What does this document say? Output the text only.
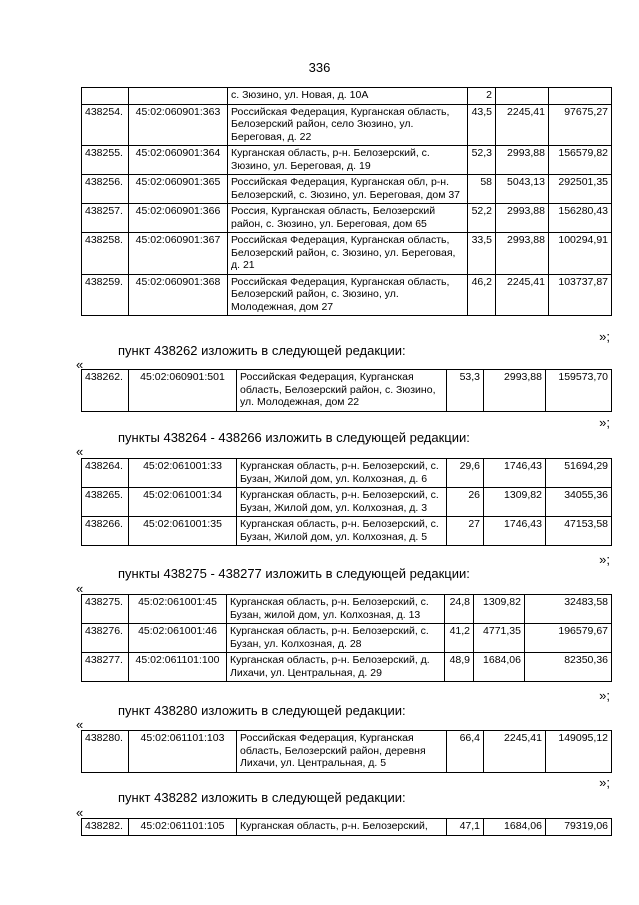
336
		с. Зюзино, ул. Новая, д. 10А	2		
438254.	45:02:060901:363	Российская Федерация, Курганская область, Белозерский район, село Зюзино, ул. Береговая, д. 22	43,5	2245,41	97675,27
438255.	45:02:060901:364	Курганская область, р-н. Белозерский, с. Зюзино, ул. Береговая, д. 19	52,3	2993,88	156579,82
438256.	45:02:060901:365	Российская Федерация, Курганская обл, р-н. Белозерский, с. Зюзино, ул. Береговая, дом 37	58	5043,13	292501,35
438257.	45:02:060901:366	Россия, Курганская область, Белозерский район, с. Зюзино, ул. Береговая, дом 65	52,2	2993,88	156280,43
438258.	45:02:060901:367	Российская Федерация, Курганская область, Белозерский район, с. Зюзино, ул. Береговая, д. 21	33,5	2993,88	100294,91
438259.	45:02:060901:368	Российская Федерация, Курганская область, Белозерский район, с. Зюзино, ул. Молодежная, дом 27	46,2	2245,41	103737,87
»;
пункт 438262 изложить в следующей редакции:
«
438262.	45:02:060901:501	Российская Федерация, Курганская область, Белозерский район, с. Зюзино, ул. Молодежная, дом 22	53,3	2993,88	159573,70
»;
пункты 438264 - 438266 изложить в следующей редакции:
«
438264.	45:02:061001:33	Курганская область, р-н. Белозерский, с. Бузан, Жилой дом, ул. Колхозная, д. 6	29,6	1746,43	51694,29
438265.	45:02:061001:34	Курганская область, р-н. Белозерский, с. Бузан, Жилой дом, ул. Колхозная, д. 3	26	1309,82	34055,36
438266.	45:02:061001:35	Курганская область, р-н. Белозерский, с. Бузан, Жилой дом, ул. Колхозная, д. 5	27	1746,43	47153,58
»;
пункты 438275 - 438277 изложить в следующей редакции:
«
438275.	45:02:061001:45	Курганская область, р-н. Белозерский, с. Бузан, жилой дом, ул. Колхозная, д. 13	24,8	1309,82	32483,58
438276.	45:02:061001:46	Курганская область, р-н. Белозерский, с. Бузан, ул. Колхозная, д. 28	41,2	4771,35	196579,67
438277.	45:02:061101:100	Курганская область, р-н. Белозерский, д. Лихачи, ул. Центральная, д. 29	48,9	1684,06	82350,36
»;
пункт 438280 изложить в следующей редакции:
«
438280.	45:02:061101:103	Российская Федерация, Курганская область, Белозерский район, деревня Лихачи, ул. Центральная, д. 5	66,4	2245,41	149095,12
»;
пункт 438282 изложить в следующей редакции:
«
438282.	45:02:061101:105	Курганская область, р-н. Белозерский,	47,1	1684,06	79319,06
